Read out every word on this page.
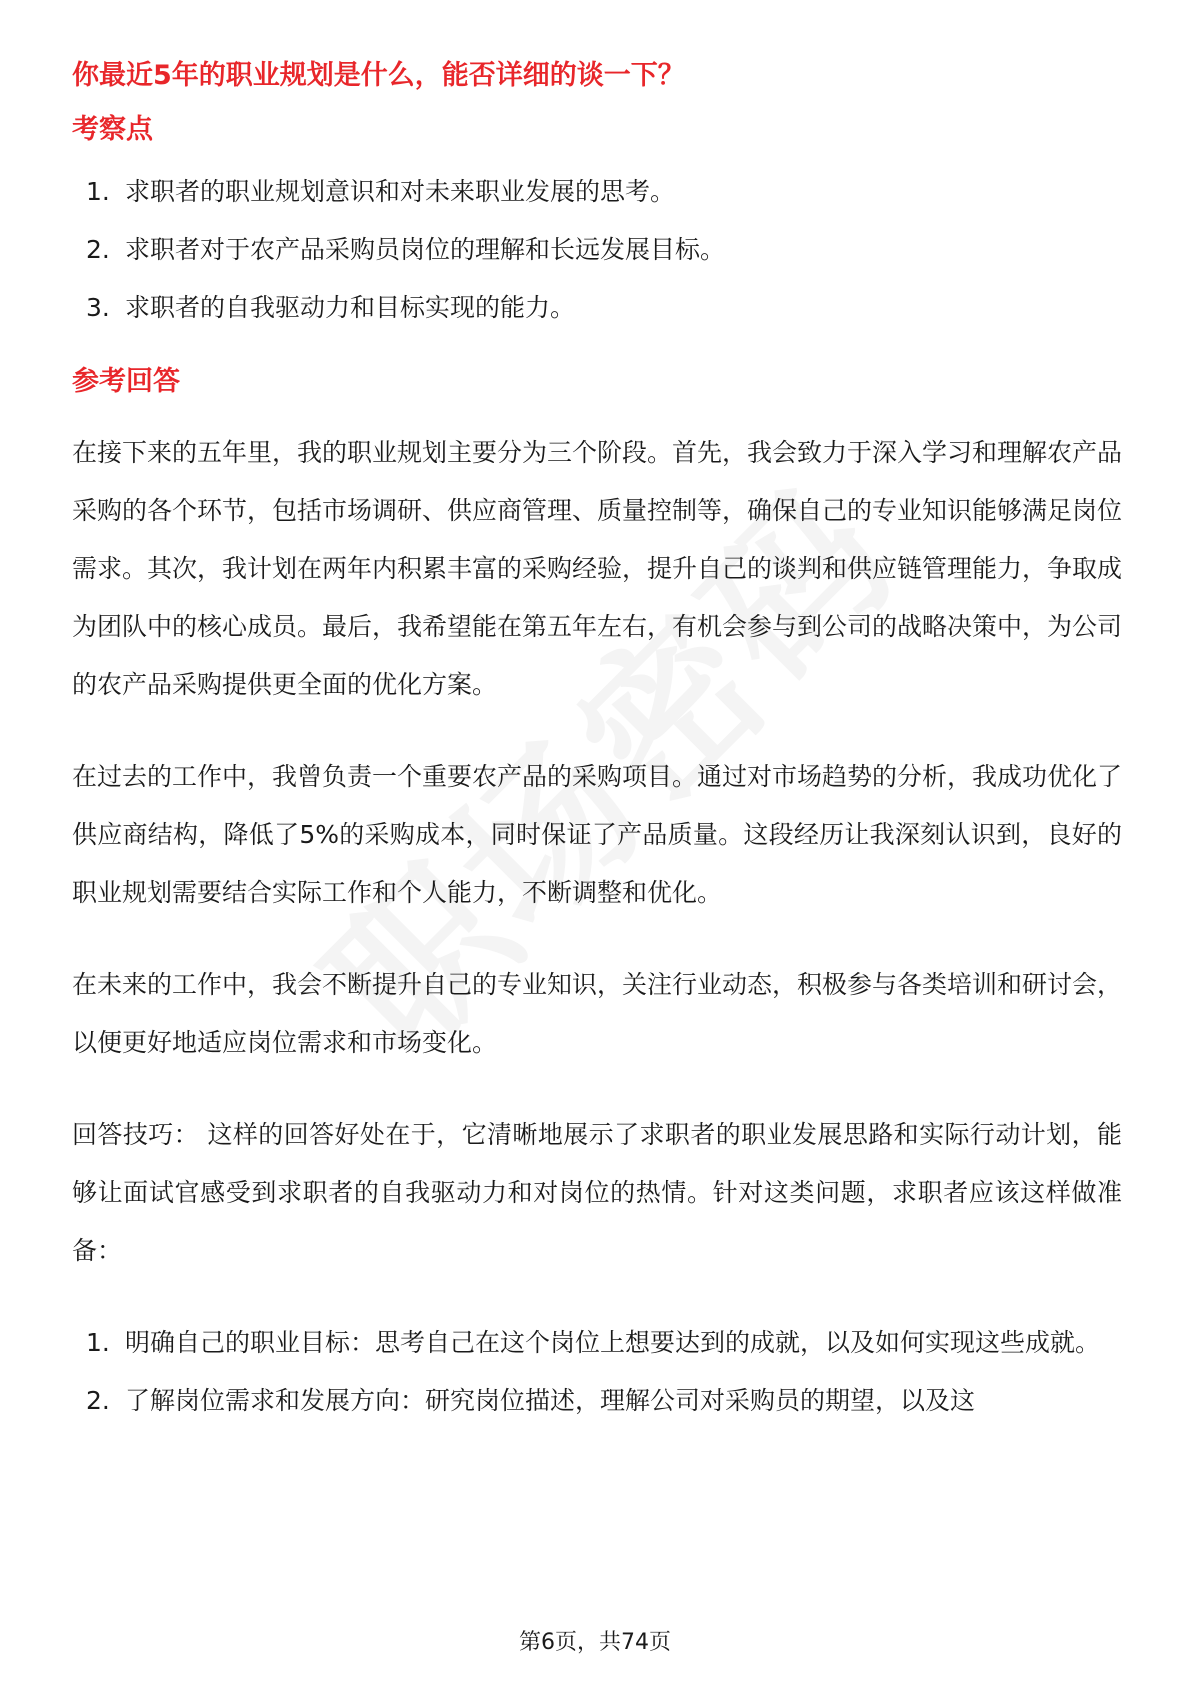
你最近5年的职业规划是什么，能否详细的谈一下？
考察点
1. 求职者的职业规划意识和对未来职业发展的思考。
2. 求职者对于农产品采购员岗位的理解和长远发展目标。
3. 求职者的自我驱动力和目标实现的能力。
参考回答

在接下来的五年里，我的职业规划主要分为三个阶段。首先，我会致力于深入学习和理解农产品采购的各个环节，包括市场调研、供应商管理、质量控制等，确保自己的专业知识能够满足岗位需求。其次，我计划在两年内积累丰富的采购经验，提升自己的谈判和供应链管理能力，争取成为团队中的核心成员。最后，我希望能在第五年左右，有机会参与到公司的战略决策中，为公司的农产品采购提供更全面的优化方案。

在过去的工作中，我曾负责一个重要农产品的采购项目。通过对市场趋势的分析，我成功优化了供应商结构，降低了5%的采购成本，同时保证了产品质量。这段经历让我深刻认识到，良好的职业规划需要结合实际工作和个人能力，不断调整和优化。

在未来的工作中，我会不断提升自己的专业知识，关注行业动态，积极参与各类培训和研讨会，以便更好地适应岗位需求和市场变化。

回答技巧： 这样的回答好处在于，它清晰地展示了求职者的职业发展思路和实际行动计划，能够让面试官感受到求职者的自我驱动力和对岗位的热情。针对这类问题，求职者应该这样做准备：

1. 明确自己的职业目标：思考自己在这个岗位上想要达到的成就，以及如何实现这些成就。
2. 了解岗位需求和发展方向：研究岗位描述，理解公司对采购员的期望，以及这
第6页，共74页
